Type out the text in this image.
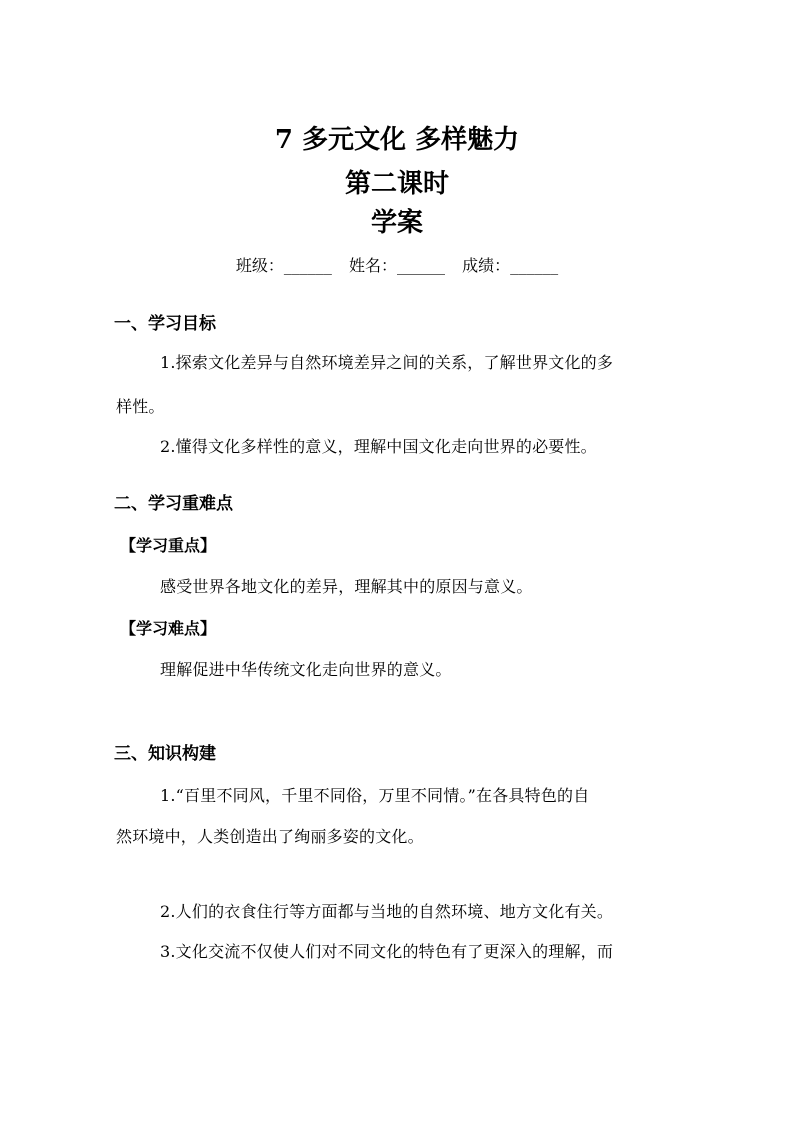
7 多元文化 多样魅力
第二课时
学案
班级：______ 姓名：______ 成绩：______
一、学习目标
1.探索文化差异与自然环境差异之间的关系，了解世界文化的多
样性。
2.懂得文化多样性的意义，理解中国文化走向世界的必要性。
二、学习重难点
【学习重点】
感受世界各地文化的差异，理解其中的原因与意义。
【学习难点】
理解促进中华传统文化走向世界的意义。
三、知识构建
1.“百里不同风，千里不同俗，万里不同情。”在各具特色的自
然环境中，人类创造出了绚丽多姿的文化。
2.人们的衣食住行等方面都与当地的自然环境、地方文化有关。
3.文化交流不仅使人们对不同文化的特色有了更深入的理解，而
